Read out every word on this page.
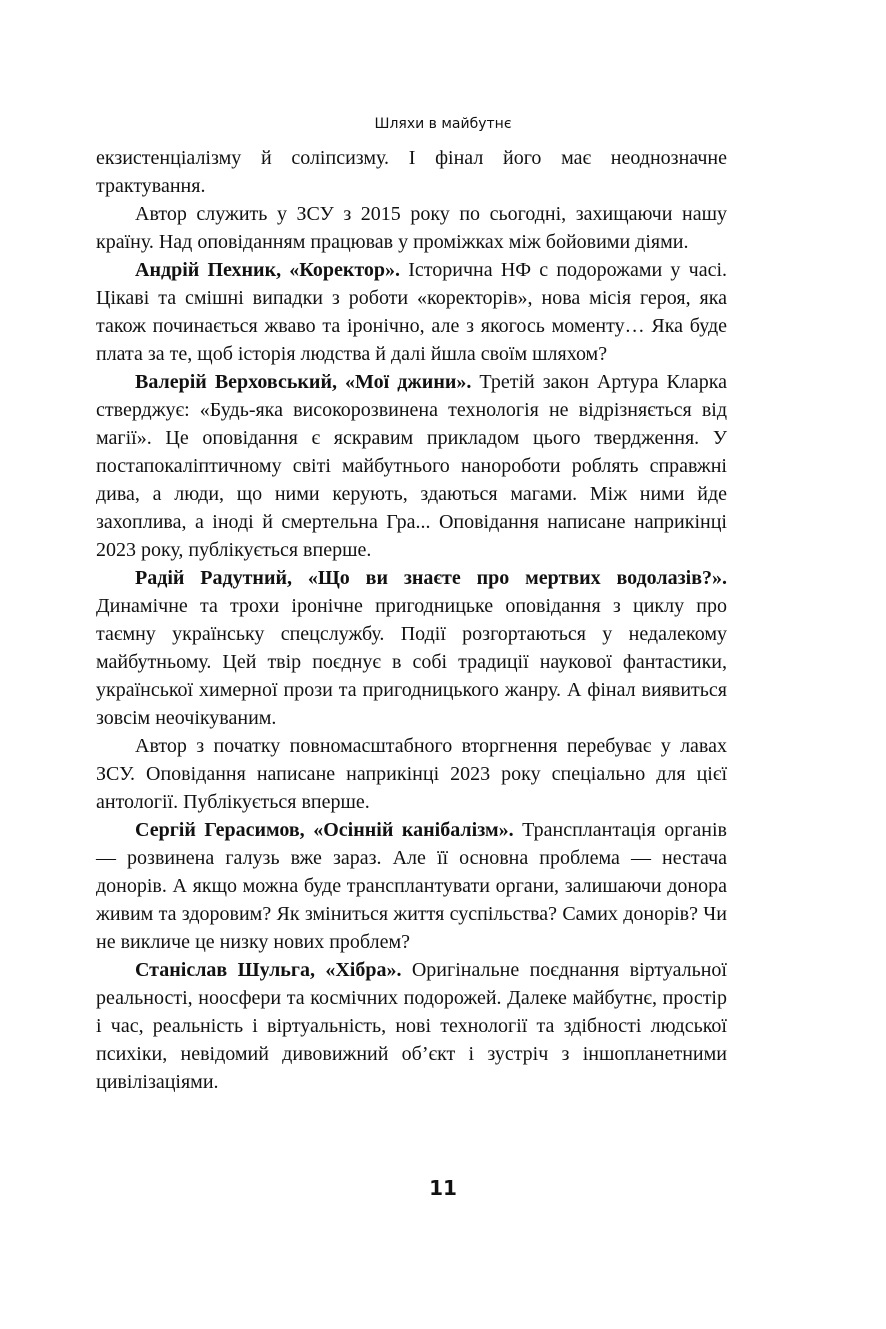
Шляхи в майбутнє

екзистенціалізму й соліпсизму. І фінал його має неоднозначне трактування.

Автор служить у ЗСУ з 2015 року по сьогодні, захищаючи нашу країну. Над оповіданням працював у проміжках між бойовими діями.

Андрій Пехник, «Коректор». Історична НФ с подорожами у часі. Цікаві та смішні випадки з роботи «коректорів», нова місія героя, яка також починається жваво та іронічно, але з якогось моменту… Яка буде плата за те, щоб історія людства й далі йшла своїм шляхом?

Валерій Верховський, «Мої джини». Третій закон Артура Кларка стверджує: «Будь-яка високорозвинена технологія не відрізняється від магії». Це оповідання є яскравим прикладом цього твердження. У постапокаліптичному світі майбутнього нанороботи роблять справжні дива, а люди, що ними керують, здаються магами. Між ними йде захоплива, а іноді й смертельна Гра... Оповідання написане наприкінці 2023 року, публікується вперше.

Радій Радутний, «Що ви знаєте про мертвих водолазів?». Динамічне та трохи іронічне пригодницьке оповідання з циклу про таємну українську спецслужбу. Події розгортаються у недалекому майбутньому. Цей твір поєднує в собі традиції наукової фантастики, української химерної прози та пригодницького жанру. А фінал виявиться зовсім неочікуваним.

Автор з початку повномасштабного вторгнення перебуває у лавах ЗСУ. Оповідання написане наприкінці 2023 року спеціально для цієї антології. Публікується вперше.

Сергій Герасимов, «Осінній канібалізм». Трансплантація органів — розвинена галузь вже зараз. Але її основна проблема — нестача донорів. А якщо можна буде трансплантувати органи, залишаючи донора живим та здоровим? Як зміниться життя суспільства? Самих донорів? Чи не викличе це низку нових проблем?

Станіслав Шульга, «Хібра». Оригінальне поєднання віртуальної реальності, ноосфери та космічних подорожей. Далеке майбутнє, простір і час, реальність і віртуальність, нові технології та здібності людської психіки, невідомий дивовижний об’єкт і зустріч з іншопланетними цивілізаціями.

11
